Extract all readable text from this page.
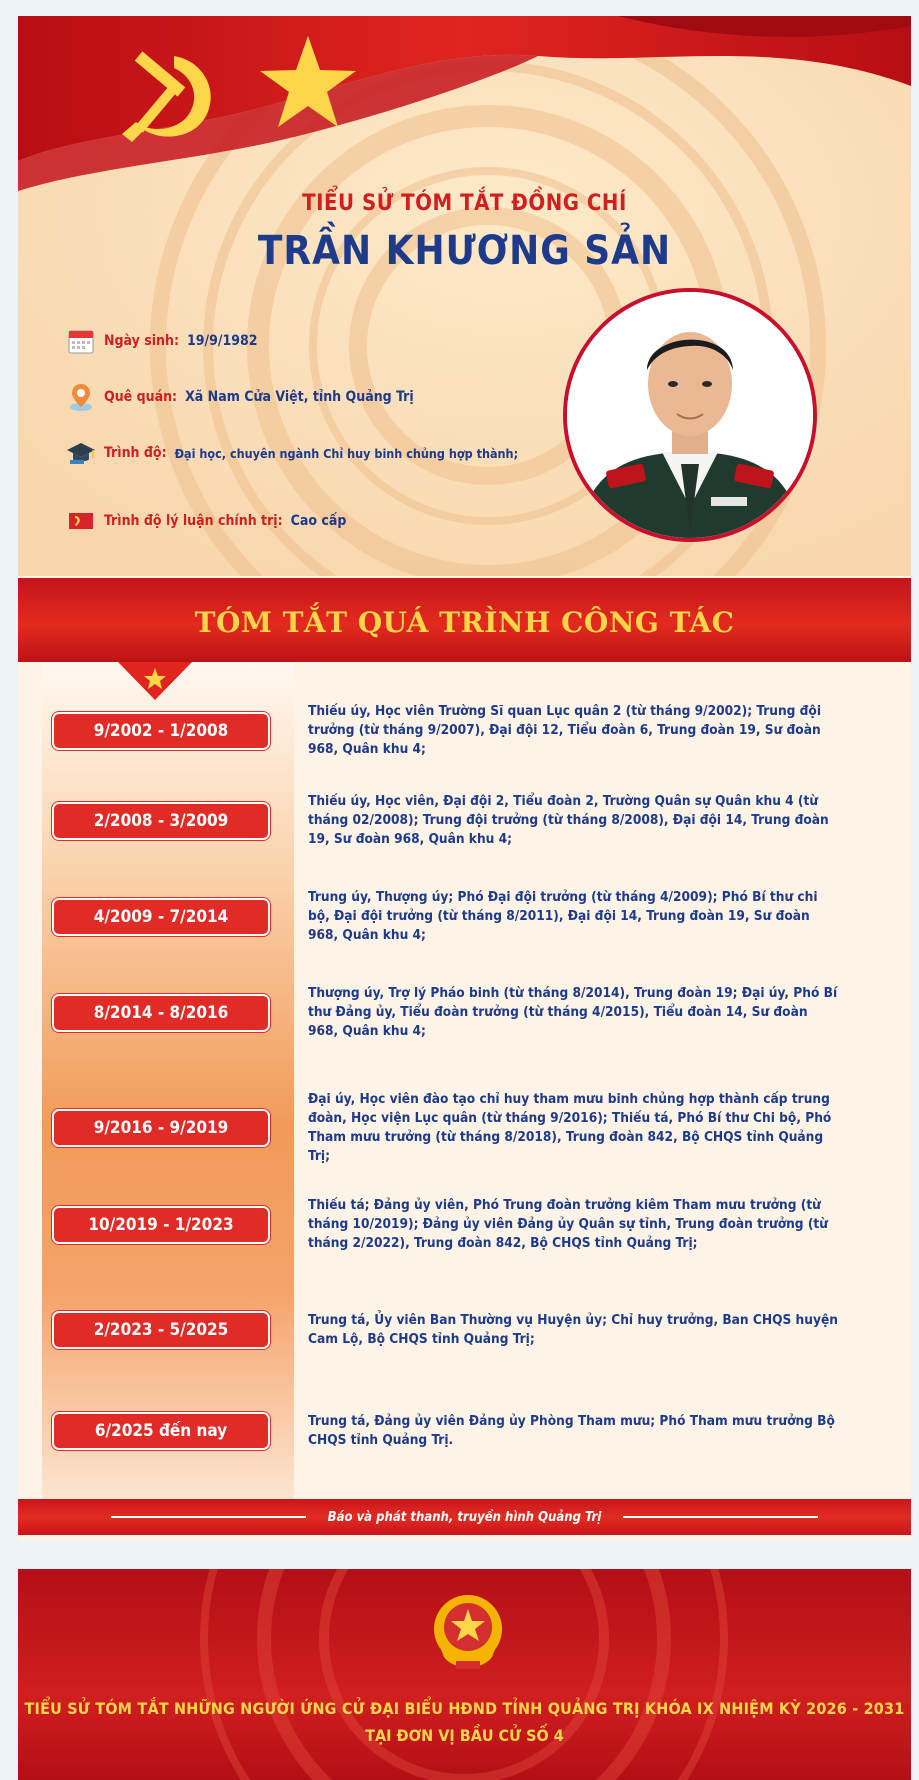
TIỂU SỬ TÓM TẮT ĐỒNG CHÍ
TRẦN KHƯƠNG SẢN
Ngày sinh: 19/9/1982
Quê quán: Xã Nam Cửa Việt, tỉnh Quảng Trị
Trình độ: Đại học, chuyên ngành Chỉ huy binh chủng hợp thành;
Trình độ lý luận chính trị: Cao cấp
TÓM TẮT QUÁ TRÌNH CÔNG TÁC
9/2002 - 1/2008
Thiếu úy, Học viên Trường Sĩ quan Lục quân 2 (từ tháng 9/2002); Trung đội trưởng (từ tháng 9/2007), Đại đội 12, Tiểu đoàn 6, Trung đoàn 19, Sư đoàn 968, Quân khu 4;
2/2008 - 3/2009
Thiếu úy, Học viên, Đại đội 2, Tiểu đoàn 2, Trường Quân sự Quân khu 4 (từ tháng 02/2008); Trung đội trưởng (từ tháng 8/2008), Đại đội 14, Trung đoàn 19, Sư đoàn 968, Quân khu 4;
4/2009 - 7/2014
Trung úy, Thượng úy; Phó Đại đội trưởng (từ tháng 4/2009); Phó Bí thư chi bộ, Đại đội trưởng (từ tháng 8/2011), Đại đội 14, Trung đoàn 19, Sư đoàn 968, Quân khu 4;
8/2014 - 8/2016
Thượng úy, Trợ lý Pháo binh (từ tháng 8/2014), Trung đoàn 19; Đại úy, Phó Bí thư Đảng ủy, Tiểu đoàn trưởng (từ tháng 4/2015), Tiểu đoàn 14, Sư đoàn 968, Quân khu 4;
9/2016 - 9/2019
Đại úy, Học viên đào tạo chỉ huy tham mưu binh chủng hợp thành cấp trung đoàn, Học viện Lục quân (từ tháng 9/2016); Thiếu tá, Phó Bí thư Chi bộ, Phó Tham mưu trưởng (từ tháng 8/2018), Trung đoàn 842, Bộ CHQS tỉnh Quảng Trị;
10/2019 - 1/2023
Thiếu tá; Đảng ủy viên, Phó Trung đoàn trưởng kiêm Tham mưu trưởng (từ tháng 10/2019); Đảng ủy viên Đảng ủy Quân sự tỉnh, Trung đoàn trưởng (từ tháng 2/2022), Trung đoàn 842, Bộ CHQS tỉnh Quảng Trị;
2/2023 - 5/2025	Trung tá, Ủy viên Ban Thường vụ Huyện ủy; Chỉ huy trưởng, Ban CHQS huyện Cam Lộ, Bộ CHQS tỉnh Quảng Trị;
6/2025 đến nay	Trung tá, Đảng ủy viên Đảng ủy Phòng Tham mưu; Phó Tham mưu trưởng Bộ CHQS tỉnh Quảng Trị.
Báo và phát thanh, truyền hình Quảng Trị
TIỂU SỬ TÓM TẮT NHỮNG NGƯỜI ỨNG CỬ ĐẠI BIỂU HĐND TỈNH QUẢNG TRỊ KHÓA IX NHIỆM KỲ 2026 - 2031
TẠI ĐƠN VỊ BẦU CỬ SỐ 4
